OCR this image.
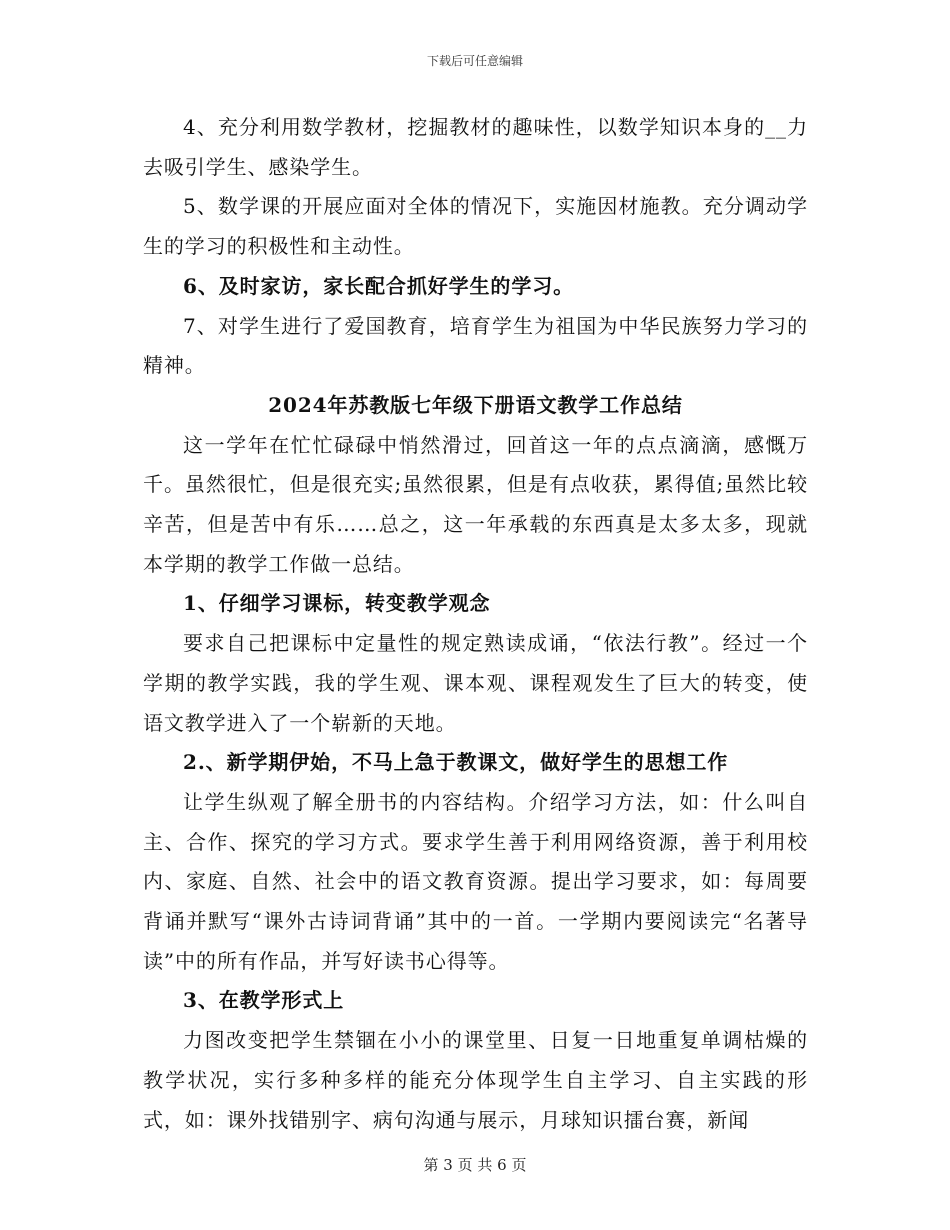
下载后可任意编辑

4、充分利用数学教材，挖掘教材的趣味性，以数学知识本身的__力去吸引学生、感染学生。

5、数学课的开展应面对全体的情况下，实施因材施教。充分调动学生的学习的积极性和主动性。

6、及时家访，家长配合抓好学生的学习。

7、对学生进行了爱国教育，培育学生为祖国为中华民族努力学习的精神。

2024年苏教版七年级下册语文教学工作总结

这一学年在忙忙碌碌中悄然滑过，回首这一年的点点滴滴，感慨万千。虽然很忙，但是很充实;虽然很累，但是有点收获，累得值;虽然比较辛苦，但是苦中有乐……总之，这一年承载的东西真是太多太多，现就本学期的教学工作做一总结。

1、仔细学习课标，转变教学观念

要求自己把课标中定量性的规定熟读成诵，“依法行教”。经过一个学期的教学实践，我的学生观、课本观、课程观发生了巨大的转变，使语文教学进入了一个崭新的天地。

2.、新学期伊始，不马上急于教课文，做好学生的思想工作

让学生纵观了解全册书的内容结构。介绍学习方法，如：什么叫自主、合作、探究的学习方式。要求学生善于利用网络资源，善于利用校内、家庭、自然、社会中的语文教育资源。提出学习要求，如：每周要背诵并默写“课外古诗词背诵”其中的一首。一学期内要阅读完“名著导读”中的所有作品，并写好读书心得等。

3、在教学形式上

力图改变把学生禁锢在小小的课堂里、日复一日地重复单调枯燥的教学状况，实行多种多样的能充分体现学生自主学习、自主实践的形式，如：课外找错别字、病句沟通与展示，月球知识擂台赛，新闻

第 3 页 共 6 页
